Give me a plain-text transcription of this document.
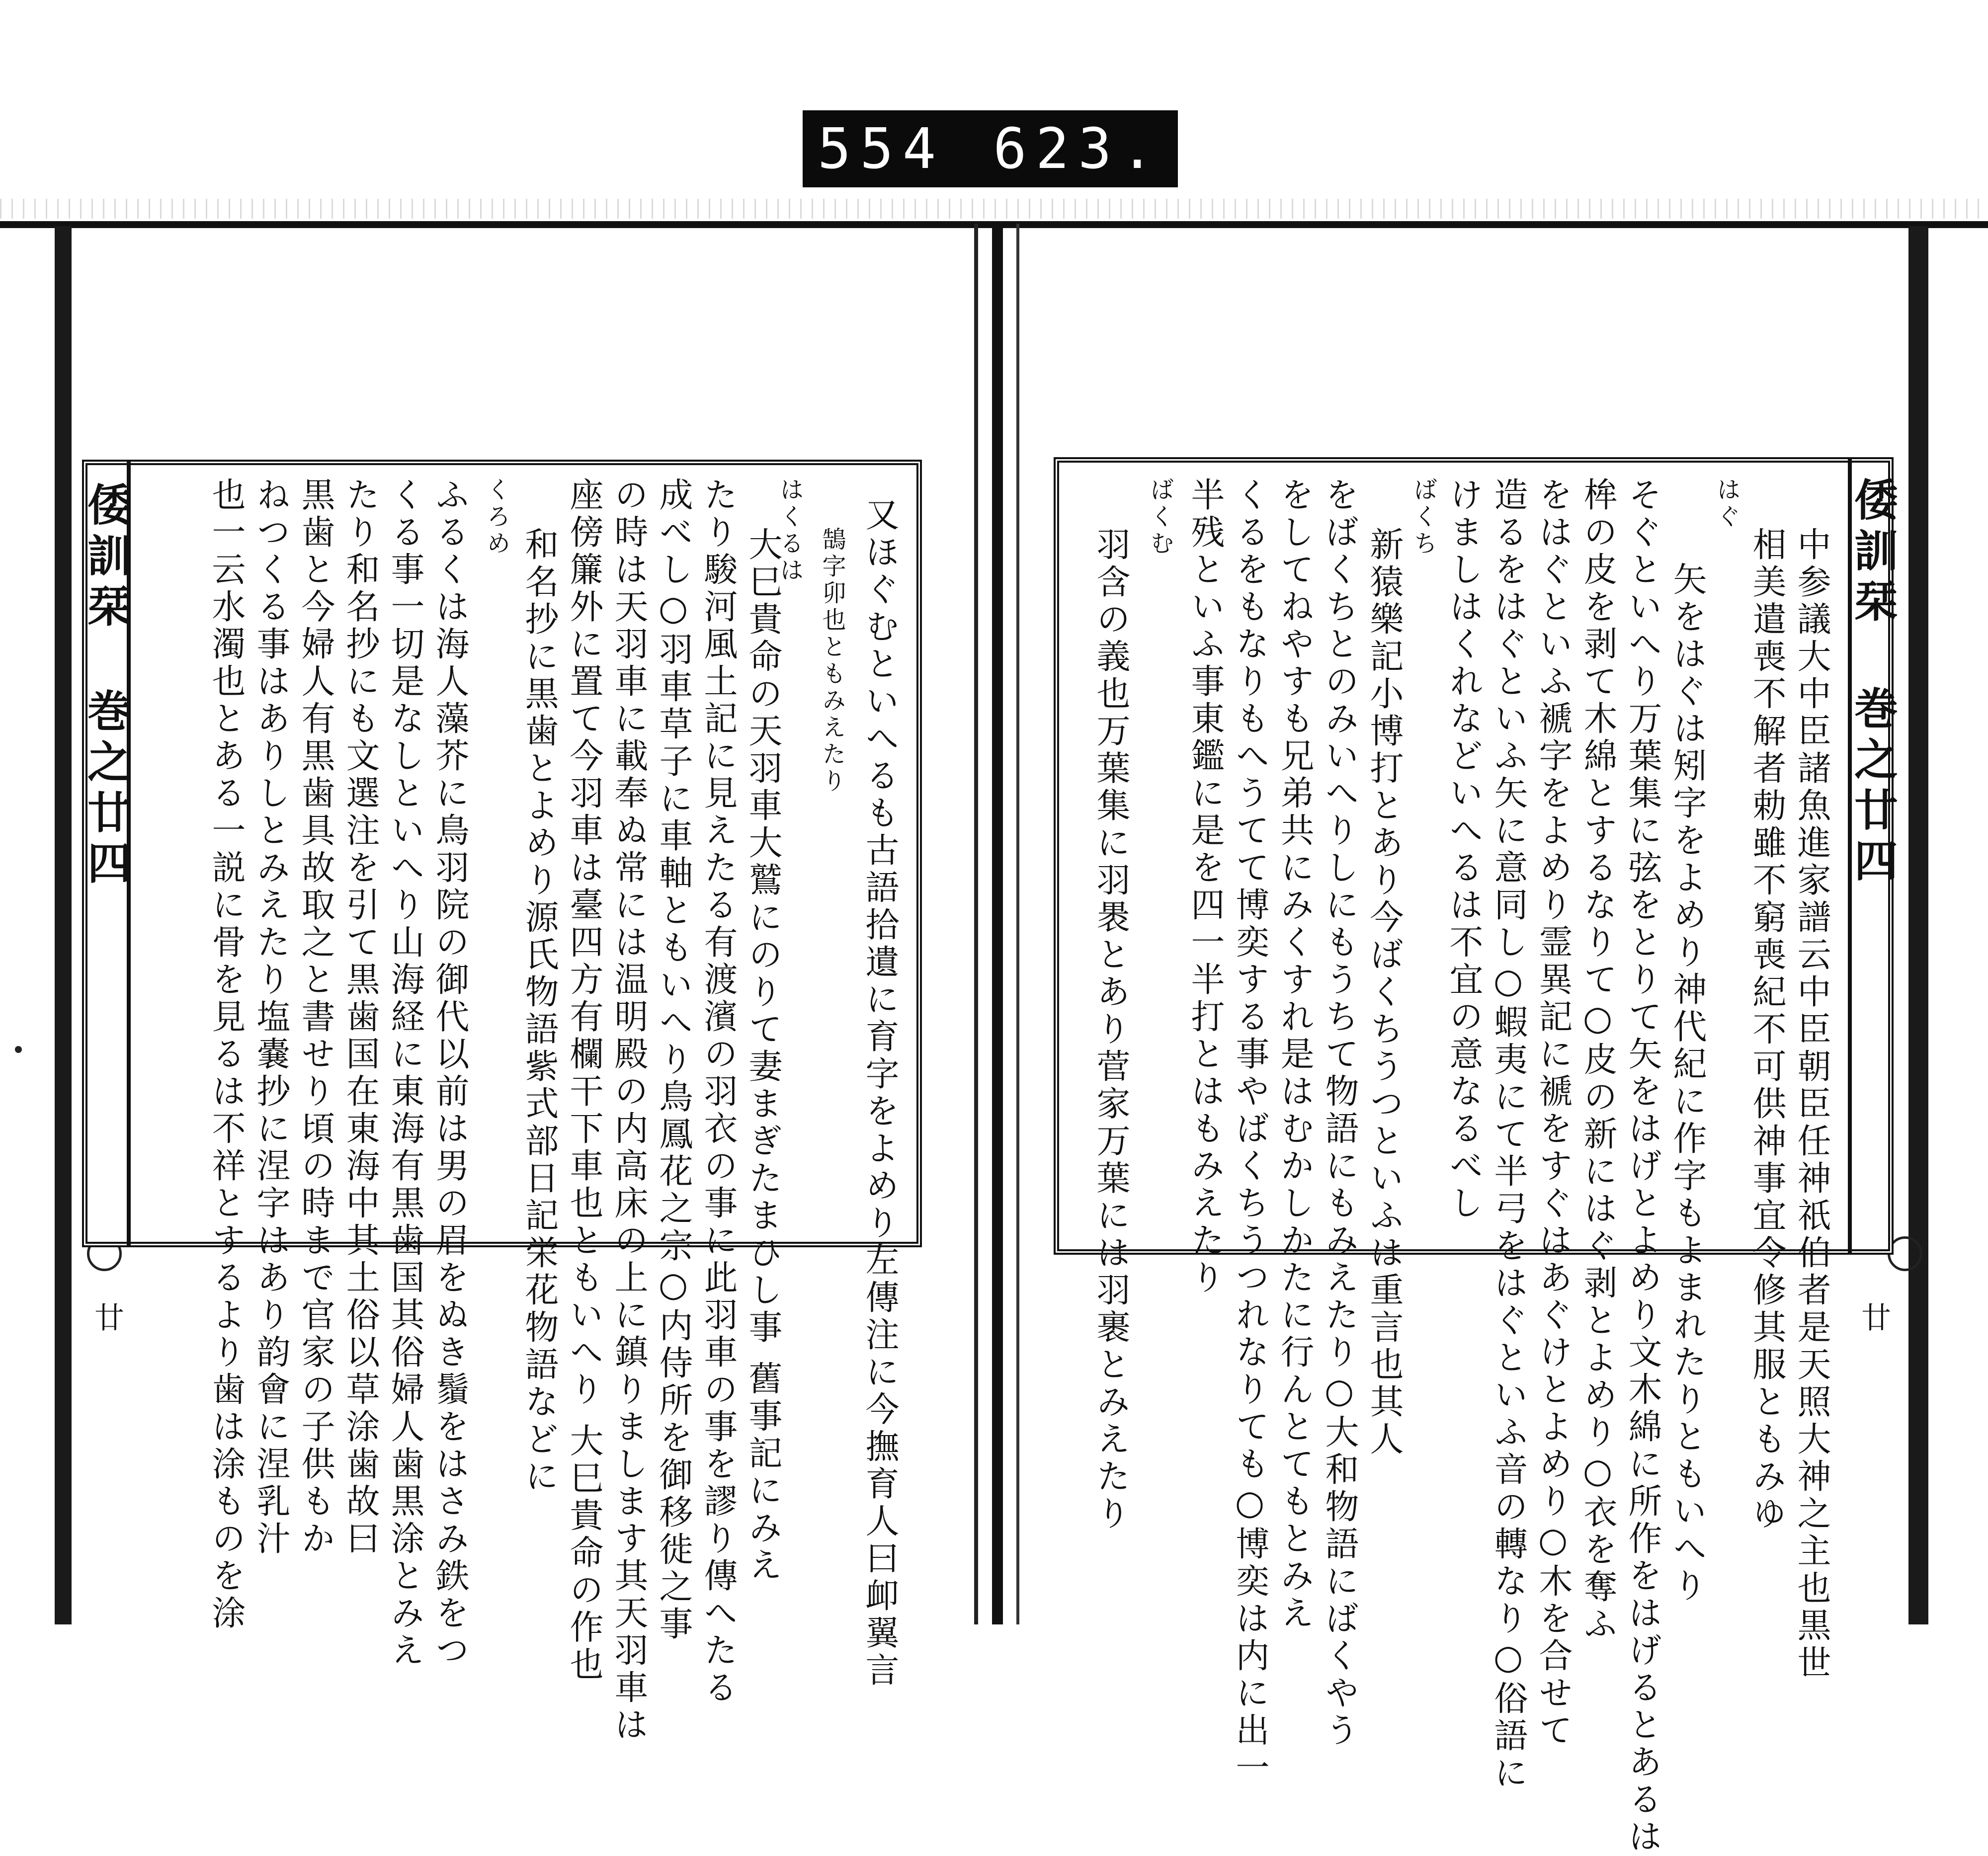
554 623.
倭訓栞
巻之廿四
廿	又ほぐむといへるも古語拾遺に育字をよめり左傳注に今撫育人曰卹翼言
鵠字卯也ともみえたり
はくるは
大巳貴命の天羽車大鷲にのりて妻まぎたまひし事 舊事記にみえ
たり駿河風土記に見えたる有渡濱の羽衣の事に此羽車の事を謬り傳へたる
成べし○羽車草子に車軸ともいへり鳥鳳花之宗○内侍所を御移徙之事
の時は天羽車に載奉ぬ常には温明殿の内高床の上に鎮りまします其天羽車は
座傍簾外に置て今羽車は臺四方有欄干下車也ともいへり 大巳貴命の作也
和名抄に黒歯とよめり源氏物語紫式部日記栄花物語などに
くろめ
ふるくは海人藻芥に鳥羽院の御代以前は男の眉をぬき鬚をはさみ鉄をつ
くる事一切是なしといへり山海経に東海有黒歯国其俗婦人歯黒涂とみえ
たり和名抄にも文選注を引て黒歯国在東海中其土俗以草涂歯故曰
黒歯と今婦人有黒歯具故取之と書せり頃の時まで官家の子供もか
ねつくる事はありしとみえたり塩嚢抄に涅字はあり韵會に涅乳汁
也一云水濁也とある一説に骨を見るは不祥とするより歯は涂ものを涂	倭訓栞
巻之廿四
廿
中参議大中臣諸魚進家譜云中臣朝臣任神祇伯者是天照大神之主也黒世
相美遣喪不解者勅雖不窮喪紀不可供神事宜令修其服ともみゆ
はぐ
矢をはぐは矧字をよめり神代紀に作字もよまれたりともいへり
そぐといへり万葉集に弦をとりて矢をはげとよめり文木綿に所作をはげるとあるは
桙の皮を剥て木綿とするなりて○皮の新にはぐ剥とよめり○衣を奪ふ
をはぐといふ褫字をよめり霊異記に褫をすぐはあぐけとよめり○木を合せて
造るをはぐといふ矢に意同し○蝦夷にて半弓をはぐといふ音の轉なり○俗語に
けましはくれなどいへるは不宜の意なるべし
ばくち
新猿樂記小博打とあり今ばくちうつといふは重言也其人
をばくちとのみいへりしにもうちて物語にもみえたり○大和物語にばくやう
をしてねやすも兄弟共にみくすれ是はむかしかたに行んとてもとみえ
くるをもなりもへうてて博奕する事やばくちうつれなりても○博奕は内に出一
半残といふ事東鑑に是を四一半打とはもみえたり
ばくむ
羽含の義也万葉集に羽褁とあり菅家万葉には羽裹とみえたり
